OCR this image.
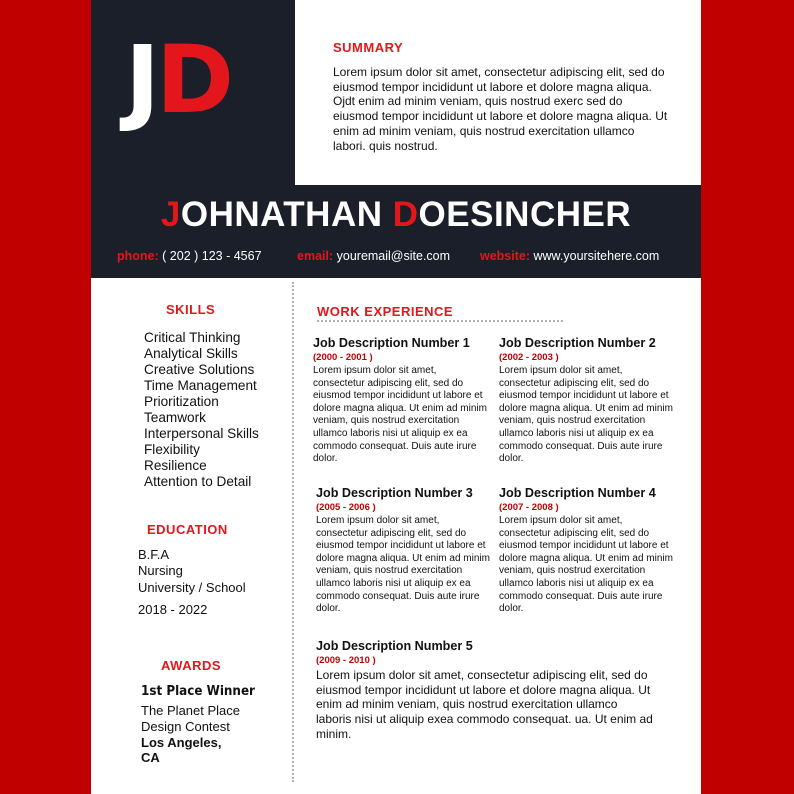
JD	SUMMARY
Lorem ipsum dolor sit amet, consectetur adipiscing elit, sed do eiusmod tempor incididunt ut labore et dolore magna aliqua. Ojdt enim ad minim veniam, quis nostrud exerc sed do eiusmod tempor incididunt ut labore et dolore magna aliqua. Ut enim ad minim veniam, quis nostrud exercitation ullamco labori. quis nostrud.
JOHNATHAN DOESINCHER
phone: ( 202 ) 123 - 4567	email: youremail@site.com website: www.yoursitehere.com
SKILLS
Critical Thinking
Analytical Skills
Creative Solutions
Time Management
Prioritization
Teamwork
Interpersonal Skills
Flexibility
Resilience
Attention to Detail
EDUCATION
B.F.A
Nursing
University / School
2018 - 2022
AWARDS
1st Place Winner
The Planet Place
Design Contest
Los Angeles,
CA
WORK EXPERIENCE
Job Description Number 1
(2000 - 2001 )
Lorem ipsum dolor sit amet, consectetur adipiscing elit, sed do eiusmod tempor incididunt ut labore et dolore magna aliqua. Ut enim ad minim veniam, quis nostrud exercitation ullamco laboris nisi ut aliquip ex ea commodo consequat. Duis aute irure dolor.
Job Description Number 2
(2002 - 2003 )
Lorem ipsum dolor sit amet, consectetur adipiscing elit, sed do eiusmod tempor incididunt ut labore et dolore magna aliqua. Ut enim ad minim veniam, quis nostrud exercitation ullamco laboris nisi ut aliquip ex ea commodo consequat. Duis aute irure dolor.
Job Description Number 3
(2005 - 2006 )
Lorem ipsum dolor sit amet, consectetur adipiscing elit, sed do eiusmod tempor incididunt ut labore et dolore magna aliqua. Ut enim ad minim veniam, quis nostrud exercitation ullamco laboris nisi ut aliquip ex ea commodo consequat. Duis aute irure dolor.
Job Description Number 4
(2007 - 2008 )
Lorem ipsum dolor sit amet, consectetur adipiscing elit, sed do eiusmod tempor incididunt ut labore et dolore magna aliqua. Ut enim ad minim veniam, quis nostrud exercitation ullamco laboris nisi ut aliquip ex ea commodo consequat. Duis aute irure dolor.
Job Description Number 5
(2009 - 2010 )
Lorem ipsum dolor sit amet, consectetur adipiscing elit, sed do eiusmod tempor incididunt ut labore et dolore magna aliqua. Ut enim ad minim veniam, quis nostrud exercitation ullamco laboris nisi ut aliquip exea commodo consequat. ua. Ut enim ad minim.
